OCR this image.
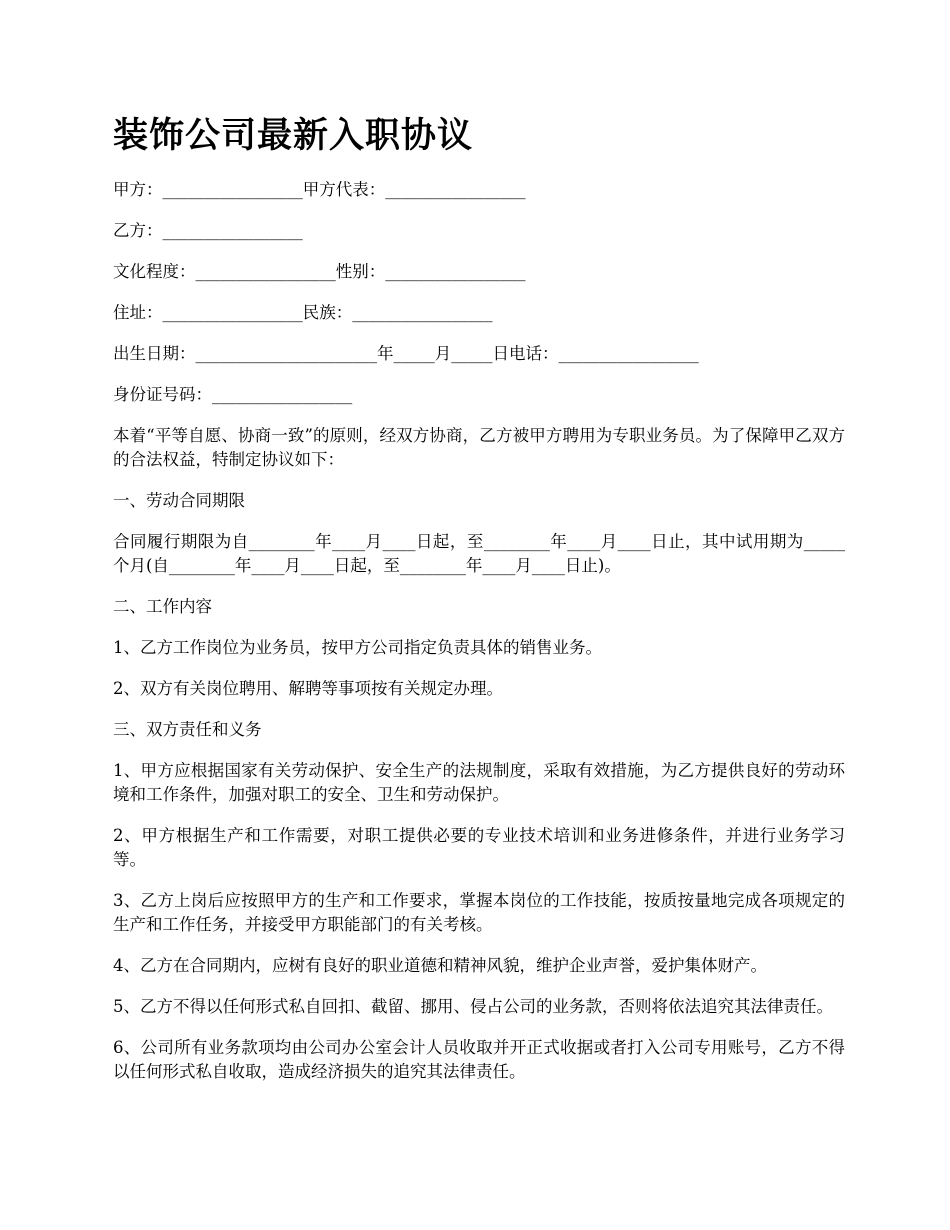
装饰公司最新入职协议
甲方：_________________甲方代表：_________________
乙方：_________________
文化程度：_________________性别：_________________
住址：_________________民族：_________________
出生日期：______________________年_____月_____日电话：_________________
身份证号码：_________________
本着“平等自愿、协商一致”的原则，经双方协商，乙方被甲方聘用为专职业务员。为了保障甲乙双方的合法权益，特制定协议如下：
一、劳动合同期限
合同履行期限为自________年____月____日起，至________年____月____日止，其中试用期为_____个月(自________年____月____日起，至________年____月____日止)。
二、工作内容
1、乙方工作岗位为业务员，按甲方公司指定负责具体的销售业务。
2、双方有关岗位聘用、解聘等事项按有关规定办理。
三、双方责任和义务
1、甲方应根据国家有关劳动保护、安全生产的法规制度，采取有效措施，为乙方提供良好的劳动环境和工作条件，加强对职工的安全、卫生和劳动保护。
2、甲方根据生产和工作需要，对职工提供必要的专业技术培训和业务进修条件，并进行业务学习等。
3、乙方上岗后应按照甲方的生产和工作要求，掌握本岗位的工作技能，按质按量地完成各项规定的生产和工作任务，并接受甲方职能部门的有关考核。
4、乙方在合同期内，应树有良好的职业道德和精神风貌，维护企业声誉，爱护集体财产。
5、乙方不得以任何形式私自回扣、截留、挪用、侵占公司的业务款，否则将依法追究其法律责任。
6、公司所有业务款项均由公司办公室会计人员收取并开正式收据或者打入公司专用账号，乙方不得以任何形式私自收取，造成经济损失的追究其法律责任。
